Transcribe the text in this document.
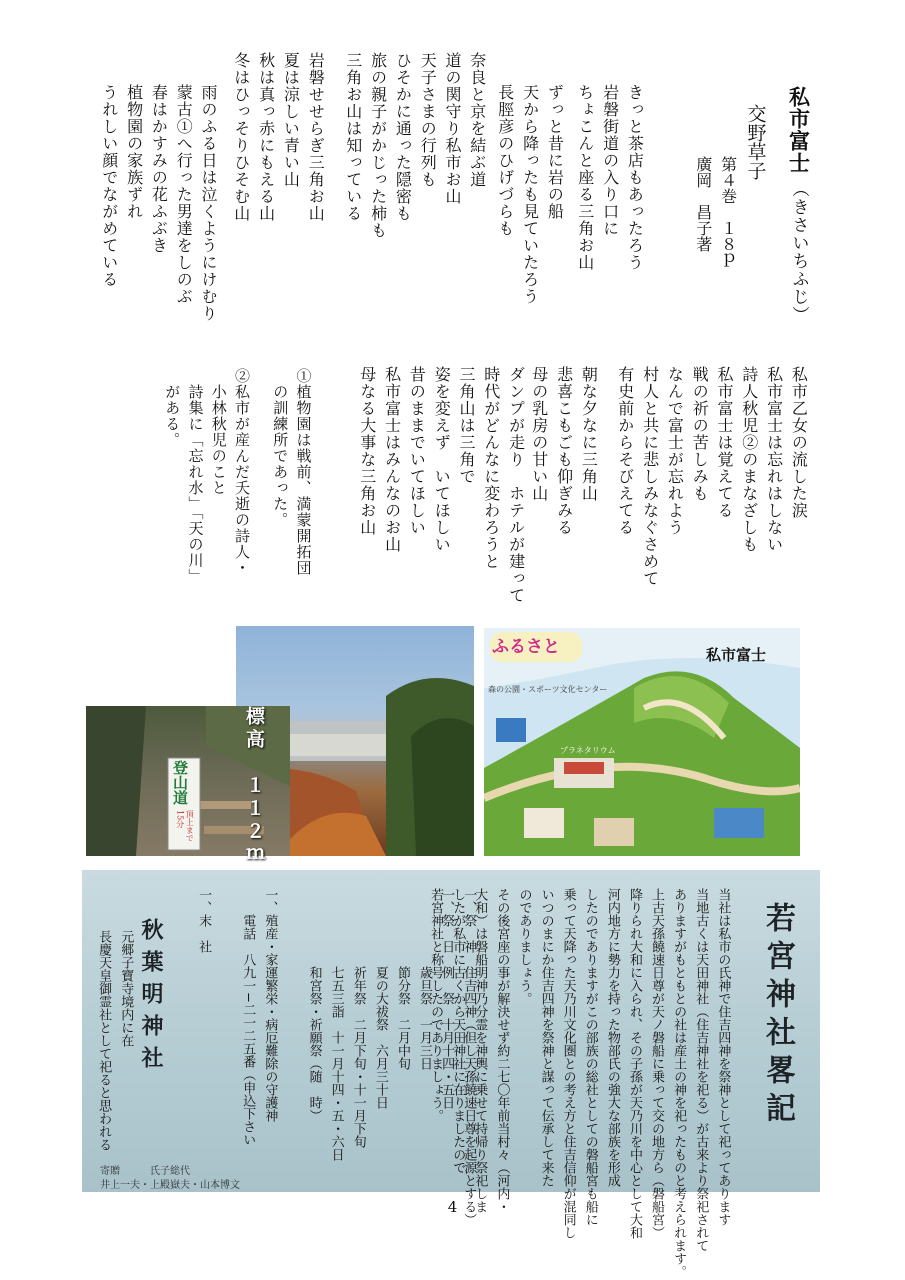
私市富士（きさいちふじ）
交野草子
第４巻　１８ｐ
廣岡　昌子著
きっと茶店もあったろう
岩磐街道の入り口に
ちょこんと座る三角お山
ずっと昔に岩の船
天から降ったも見ていたろう
長脛彦のひげづらも
奈良と京を結ぶ道
道の関守り私市お山
天子さまの行列も
ひそかに通った隠密も
旅の親子がかじった柿も
三角お山は知っている
岩磐せせらぎ三角お山
夏は涼しい青い山
秋は真っ赤にもえる山
冬はひっそりひそむ山
雨のふる日は泣くようにけむり
蒙古①へ行った男達をしのぶ
春はかすみの花ふぶき
植物園の家族ずれ
うれしい顔でながめている
私市乙女の流した涙
私市富士は忘れはしない
詩人秋児②のまなざしも
私市富士は覚えてる
戦の祈の苦しみも
なんで富士が忘れよう
村人と共に悲しみなぐさめて
有史前からそびえてる
朝な夕なに三角山
悲喜こもごも仰ぎみる
母の乳房の甘い山
ダンプが走り　ホテルが建って
時代がどんなに変わろうと
三角山は三角で
姿を変えず　いてほしい
昔のままでいてほしい
私市富士はみんなのお山
母なる大事な三角お山
①植物園は戦前、満蒙開拓団
　の訓練所であった。
②私市が産んだ夭逝の詩人・
　小林秋児のこと
　詩集に「忘れ水」「天の川」
　がある。
登山道
頂上まで
15分	標高　１１２ｍ
ふるさと	私市富士
森の公園・スポーツ文化センター
プラネタリウム
若宮神社畧記
当社は私市の氏神で住吉四神を祭神として祀ってあります
当地古くは天田神社（住吉神社を祀る）が古来より祭祀されて
ありますがもともとの社は産土の神を祀ったものと考えられます。
上古天孫饒速日尊が天ノ磐船に乗って交の地方ら（磐船宮）
降りられ大和に入られ、その子孫が天乃川を中心として大和
河内地方に勢力を持った物部氏の強大な部族を形成
したのでありますがこの部族の総社としての磐船宮も船に
乗って天降った天乃川文化圏との考え方と住吉信仰が混同し
いつのまにか住吉四神を祭神と謀って伝承して来た
のでありましょう。
その後宮座の事が解決せず約二七〇年前当村々（河内・
大和）は磐船明神乃分霊を神輿に乗せて持帰り祭祀しま
したが私市に古くから天田神社に在りましたので
若宮神社と称号したのでありましょう。	一、祭　神　住吉四神（但し天孫饒速日尊を起源とする）
一、祭　日　例　祭　十月十四・五日
　　　　　　歳旦祭　一月三日
　　　　　　節分祭　二月中旬
　　　　　　夏の大祓祭　六月三十日
　　　　　　祈年祭　二月下旬・十一月下旬
　　　　　　七五三詣　十一月十四・五・六日
　　　　　　和宮祭・祈願祭（随　時）

一、殖産・家運繁栄・病厄難除の守護神
　　電話　八九一−二一二五番（申込下さい

一、末　社
秋葉明神社
元郷子寶寺境内に在
長慶天皇御霊社として祀ると思われる
寄贈　　　氏子総代
井上一夫・上殿嶽夫・山本博文
4
